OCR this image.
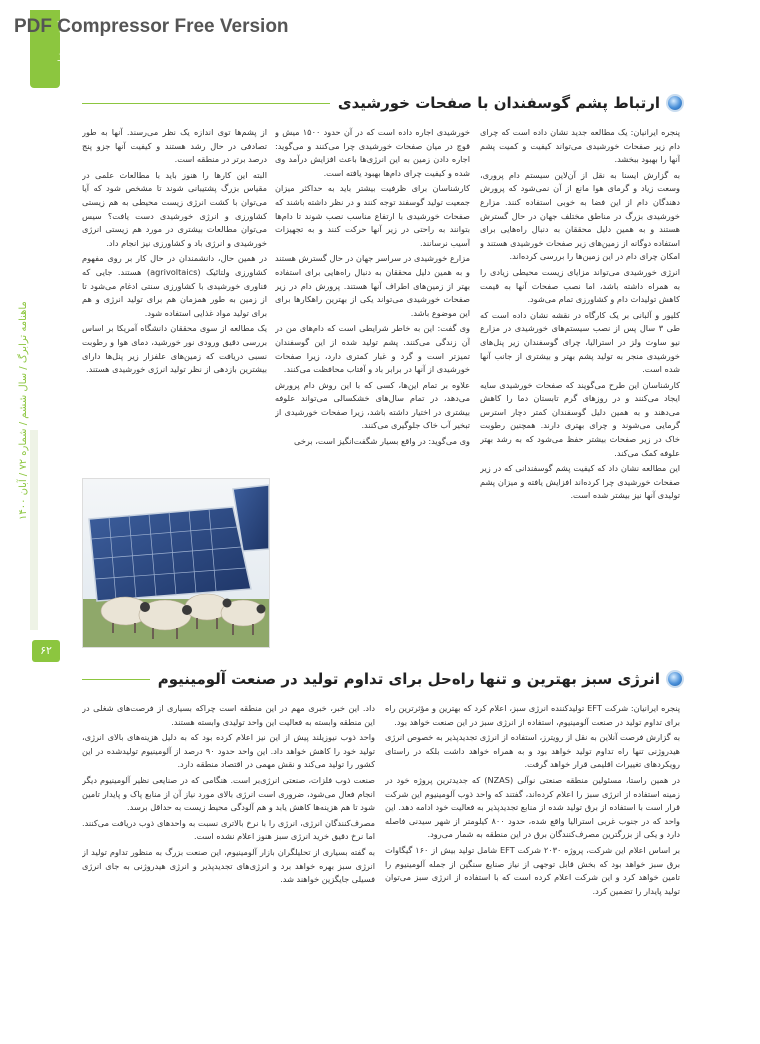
PDF Compressor Free Version
انرژی و فناوری
ماهنامه ترابرگ / سال ششم / شماره ۷۲ / آبان ۱۴۰۰
۶۲
ارتباط پشم گوسفندان با صفحات خورشیدی

پنجره ایرانیان: یک مطالعه جدید نشان داده است که چرای دام زیر صفحات خورشیدی می‌تواند کیفیت و کمیت پشم آنها را بهبود ببخشد.

به گزارش ایسنا به نقل از آن‌لاین سیستم دام پروری، وسعت زیاد و گرمای هوا مانع از آن نمی‌شود که پرورش دهندگان دام از این فضا به خوبی استفاده کنند. مزارع خورشیدی بزرگ در مناطق مختلف جهان در حال گسترش هستند و به همین دلیل محققان به دنبال راه‌هایی برای استفاده دوگانه از زمین‌های زیر صفحات خورشیدی هستند و امکان چرای دام در این زمین‌ها را بررسی کرده‌اند.

انرژی خورشیدی می‌تواند مزایای زیست محیطی زیادی را به همراه داشته باشد، اما نصب صفحات آنها به قیمت کاهش تولیدات دام و کشاورزی تمام می‌شود.

کلیور و آلبانی بر یک کارگاه در نقشه نشان داده است که طی ۳ سال پس از نصب سیستم‌های خورشیدی در مزارع نیو ساوت ولز در استرالیا، چرای گوسفندان زیر پنل‌های خورشیدی منجر به تولید پشم بهتر و بیشتری از جانب آنها شده است.

کارشناسان این طرح می‌گویند که صفحات خورشیدی سایه ایجاد می‌کنند و در روزهای گرم تابستان دما را کاهش می‌دهند و به همین دلیل گوسفندان کمتر دچار استرس گرمایی می‌شوند و چرای بهتری دارند. همچنین رطوبت خاک در زیر صفحات بیشتر حفظ می‌شود که به رشد بهتر علوفه کمک می‌کند.

این مطالعه نشان داد که کیفیت پشم گوسفندانی که در زیر صفحات خورشیدی چرا کرده‌اند افزایش یافته و میزان پشم تولیدی آنها نیز بیشتر شده است.

خورشیدی اجاره داده است که در آن حدود ۱۵۰۰ میش و قوچ در میان صفحات خورشیدی چرا می‌کنند و می‌گوید: اجاره دادن زمین به این انرژی‌ها باعث افزایش درآمد وی شده و کیفیت چرای دام‌ها بهبود یافته است.

کارشناسان برای ظرفیت بیشتر باید به حداکثر میزان جمعیت تولید گوسفند توجه کنند و در نظر داشته باشند که صفحات خورشیدی با ارتفاع مناسب نصب شوند تا دام‌ها بتوانند به راحتی در زیر آنها حرکت کنند و به تجهیزات آسیب نرسانند.

مزارع خورشیدی در سراسر جهان در حال گسترش هستند و به همین دلیل محققان به دنبال راه‌هایی برای استفاده بهتر از زمین‌های اطراف آنها هستند. پرورش دام در زیر صفحات خورشیدی می‌تواند یکی از بهترین راهکارها برای این موضوع باشد.

وی گفت: این به خاطر شرایطی است که دام‌های من در آن زندگی می‌کنند. پشم تولید شده از این گوسفندان تمیزتر است و گرد و غبار کمتری دارد، زیرا صفحات خورشیدی از آنها در برابر باد و آفتاب محافظت می‌کنند.

علاوه بر تمام این‌ها، کسی که با این روش دام پرورش می‌دهد، در تمام سال‌های خشکسالی می‌تواند علوفه بیشتری در اختیار داشته باشد، زیرا صفحات خورشیدی از تبخیر آب خاک جلوگیری می‌کنند.

وی می‌گوید: در واقع بسیار شگفت‌انگیز است، برخی

از پشم‌ها توی اندازه یک نظر می‌رسند. آنها به طور تصادفی در حال رشد هستند و کیفیت آنها جزو پنج درصد برتر در منطقه است.

البته این کارها را هنوز باید با مطالعات علمی در مقیاس بزرگ پشتیبانی شوند تا مشخص شود که آیا می‌توان با کشت انرژی زیست محیطی به هم زیستی کشاورزی و انرژی خورشیدی دست یافت؟ سیس می‌توان مطالعات بیشتری در مورد هم زیستی انرژی خورشیدی و انرژی باد و کشاورزی نیز انجام داد.

در همین حال، دانشمندان در حال کار بر روی مفهوم کشاورزی ولتائیک (agrivoltaics) هستند. جایی که فناوری خورشیدی با کشاورزی سنتی ادغام می‌شود تا از زمین به طور همزمان هم برای تولید انرژی و هم برای تولید مواد غذایی استفاده شود.

یک مطالعه از سوی محققان دانشگاه آمریکا بر اساس بررسی دقیق ورودی نور خورشید، دمای هوا و رطوبت نسبی دریافت که زمین‌های علفزار زیر پنل‌ها دارای بیشترین بازدهی از نظر تولید انرژی خورشیدی هستند.

انرژی سبز بهترین و تنها راه‌حل برای تداوم تولید در صنعت آلومینیوم

پنجره ایرانیان: شرکت EFT تولیدکننده انرژی سبز، اعلام کرد که بهترین و مؤثرترین راه برای تداوم تولید در صنعت آلومینیوم، استفاده از انرژی سبز در این صنعت خواهد بود.

به گزارش فرصت آنلاین به نقل از رویترز، استفاده از انرژی تجدیدپذیر به خصوص انرژی هیدروژنی تنها راه تداوم تولید خواهد بود و به همراه خواهد داشت بلکه در راستای رویکردهای تغییرات اقلیمی قرار خواهد گرفت.

در همین راستا، مسئولین منطقه صنعتی نوآلی (NZAS) که جدیدترین پروژه خود در زمینه استفاده از انرژی سبز را اعلام کرده‌اند، گفتند که واحد ذوب آلومینیوم این شرکت قرار است با استفاده از برق تولید شده از منابع تجدیدپذیر به فعالیت خود ادامه دهد. این واحد که در جنوب غربی استرالیا واقع شده، حدود ۸۰۰ کیلومتر از شهر سیدنی فاصله دارد و یکی از بزرگترین مصرف‌کنندگان برق در این منطقه به شمار می‌رود.

بر اساس اعلام این شرکت، پروژه ۲۰۳۰ شرکت EFT شامل تولید بیش از ۱۶۰ گیگاوات برق سبز خواهد بود که بخش قابل توجهی از نیاز صنایع سنگین از جمله آلومینیوم را تامین خواهد کرد و این شرکت اعلام کرده است که با استفاده از انرژی سبز می‌توان تولید پایدار را تضمین کرد.

داد. این خبر، خبری مهم در این منطقه است چراکه بسیاری از فرصت‌های شغلی در این منطقه وابسته به فعالیت این واحد تولیدی وابسته هستند.

واحد ذوب نیوزیلند پیش از این نیز اعلام کرده بود که به دلیل هزینه‌های بالای انرژی، تولید خود را کاهش خواهد داد. این واحد حدود ۹۰ درصد از آلومینیوم تولیدشده در این کشور را تولید می‌کند و نقش مهمی در اقتصاد منطقه دارد.

صنعت ذوب فلزات، صنعتی انرژی‌بر است. هنگامی که در صنایعی نظیر آلومینیوم دیگر انجام فعال می‌شود، ضروری است انرژی بالای مورد نیاز آن از منابع پاک و پایدار تامین شود تا هم هزینه‌ها کاهش یابد و هم آلودگی محیط زیست به حداقل برسد.

مصرف‌کنندگان انرژی، انرژی را با نرخ بالاتری نسبت به واحدهای ذوب دریافت می‌کنند. اما نرخ دقیق خرید انرژی سبز هنوز اعلام نشده است.

به گفته بسیاری از تحلیلگران بازار آلومینیوم، این صنعت بزرگ به منظور تداوم تولید از انرژی سبز بهره خواهد برد و انرژی‌های تجدیدپذیر و انرژی هیدروژنی به جای انرژی فسیلی جایگزین خواهند شد.
